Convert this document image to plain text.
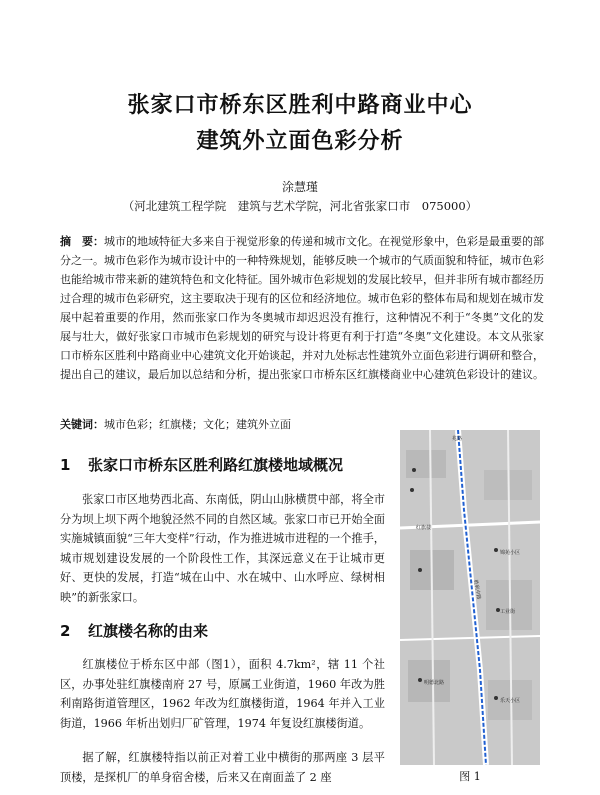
张家口市桥东区胜利中路商业中心
建筑外立面色彩分析
涂慧瑾
（河北建筑工程学院　建筑与艺术学院，河北省张家口市　075000）
摘　要：城市的地域特征大多来自于视觉形象的传递和城市文化。在视觉形象中，色彩是最重要的部分之一。城市色彩作为城市设计中的一种特殊规划，能够反映一个城市的气质面貌和特征，城市色彩也能给城市带来新的建筑特色和文化特征。国外城市色彩规划的发展比较早，但并非所有城市都经历过合理的城市色彩研究，这主要取决于现有的区位和经济地位。城市色彩的整体布局和规划在城市发展中起着重要的作用，然而张家口作为冬奥城市却迟迟没有推行，这种情况不利于“冬奥”文化的发展与壮大，做好张家口市城市色彩规划的研究与设计将更有利于打造“冬奥”文化建设。本文从张家口市桥东区胜利中路商业中心建筑文化开始谈起，并对九处标志性建筑外立面色彩进行调研和整合，提出自己的建议，最后加以总结和分析，提出张家口市桥东区红旗楼商业中心建筑色彩设计的建议。
关键词：城市色彩；红旗楼；文化；建筑外立面
1 张家口市桥东区胜利路红旗楼地域概况
张家口市区地势西北高、东南低，阴山山脉横贯中部，将全市分为坝上坝下两个地貌泾然不同的自然区域。张家口市已开始全面实施城镇面貌“三年大变样”行动，作为推进城市进程的一个推手，城市规划建设发展的一个阶段性工作，其深远意义在于让城市更好、更快的发展，打造“城在山中、水在城中、山水呼应、绿树相映”的新张家口。
2 红旗楼名称的由来
红旗楼位于桥东区中部（图1），面积 4.7km²，辖 11 个社区，办事处驻红旗楼南府 27 号，原属工业街道，1960 年改为胜利南路街道管理区，1962 年改为红旗楼街道，1964 年并入工业街道，1966 年析出划归厂矿管理，1974 年复设红旗楼街道。
据了解，红旗楼特指以前正对着工业中横街的那两座 3 层平顶楼，是探机厂的单身宿舍楼，后来又在南面盖了 2 座
兆路
红旗楼
胜利中路
锦苑小区
工业街
明德北路
乐天小区
图 1
